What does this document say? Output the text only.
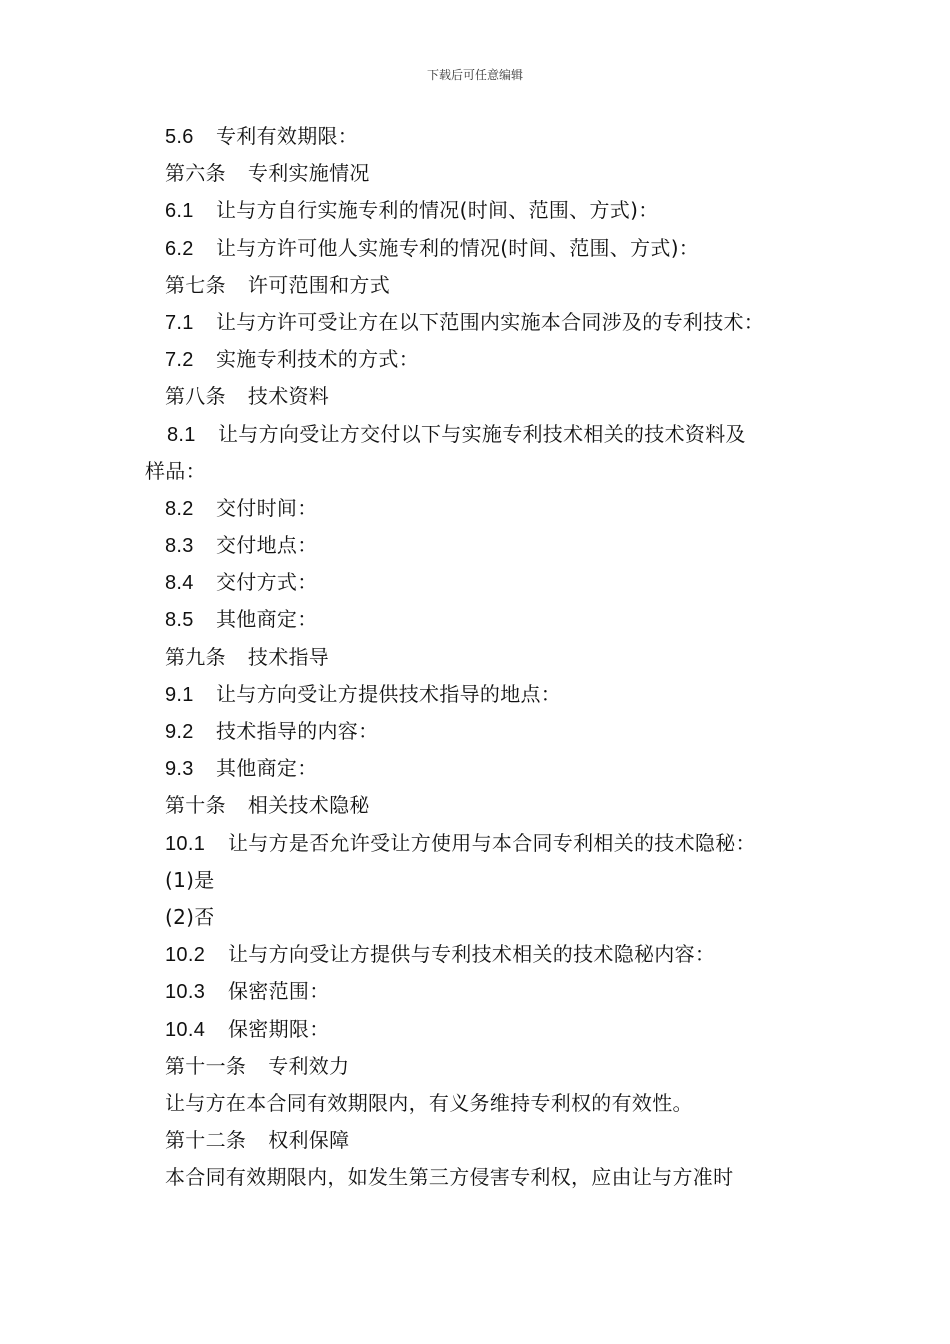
下载后可任意编辑
5.6 专利有效期限：
第六条 专利实施情况
6.1 让与方自行实施专利的情况(时间、范围、方式)：
6.2 让与方许可他人实施专利的情况(时间、范围、方式)：
第七条 许可范围和方式
7.1 让与方许可受让方在以下范围内实施本合同涉及的专利技术：
7.2 实施专利技术的方式：
第八条 技术资料
8.1 让与方向受让方交付以下与实施专利技术相关的技术资料及
样品：
8.2 交付时间：
8.3 交付地点：
8.4 交付方式：
8.5 其他商定：
第九条 技术指导
9.1 让与方向受让方提供技术指导的地点：
9.2 技术指导的内容：
9.3 其他商定：
第十条 相关技术隐秘
10.1 让与方是否允许受让方使用与本合同专利相关的技术隐秘：
(1)是
(2)否
10.2 让与方向受让方提供与专利技术相关的技术隐秘内容：
10.3 保密范围：
10.4 保密期限：
第十一条 专利效力
让与方在本合同有效期限内，有义务维持专利权的有效性。
第十二条 权利保障
本合同有效期限内，如发生第三方侵害专利权，应由让与方准时
